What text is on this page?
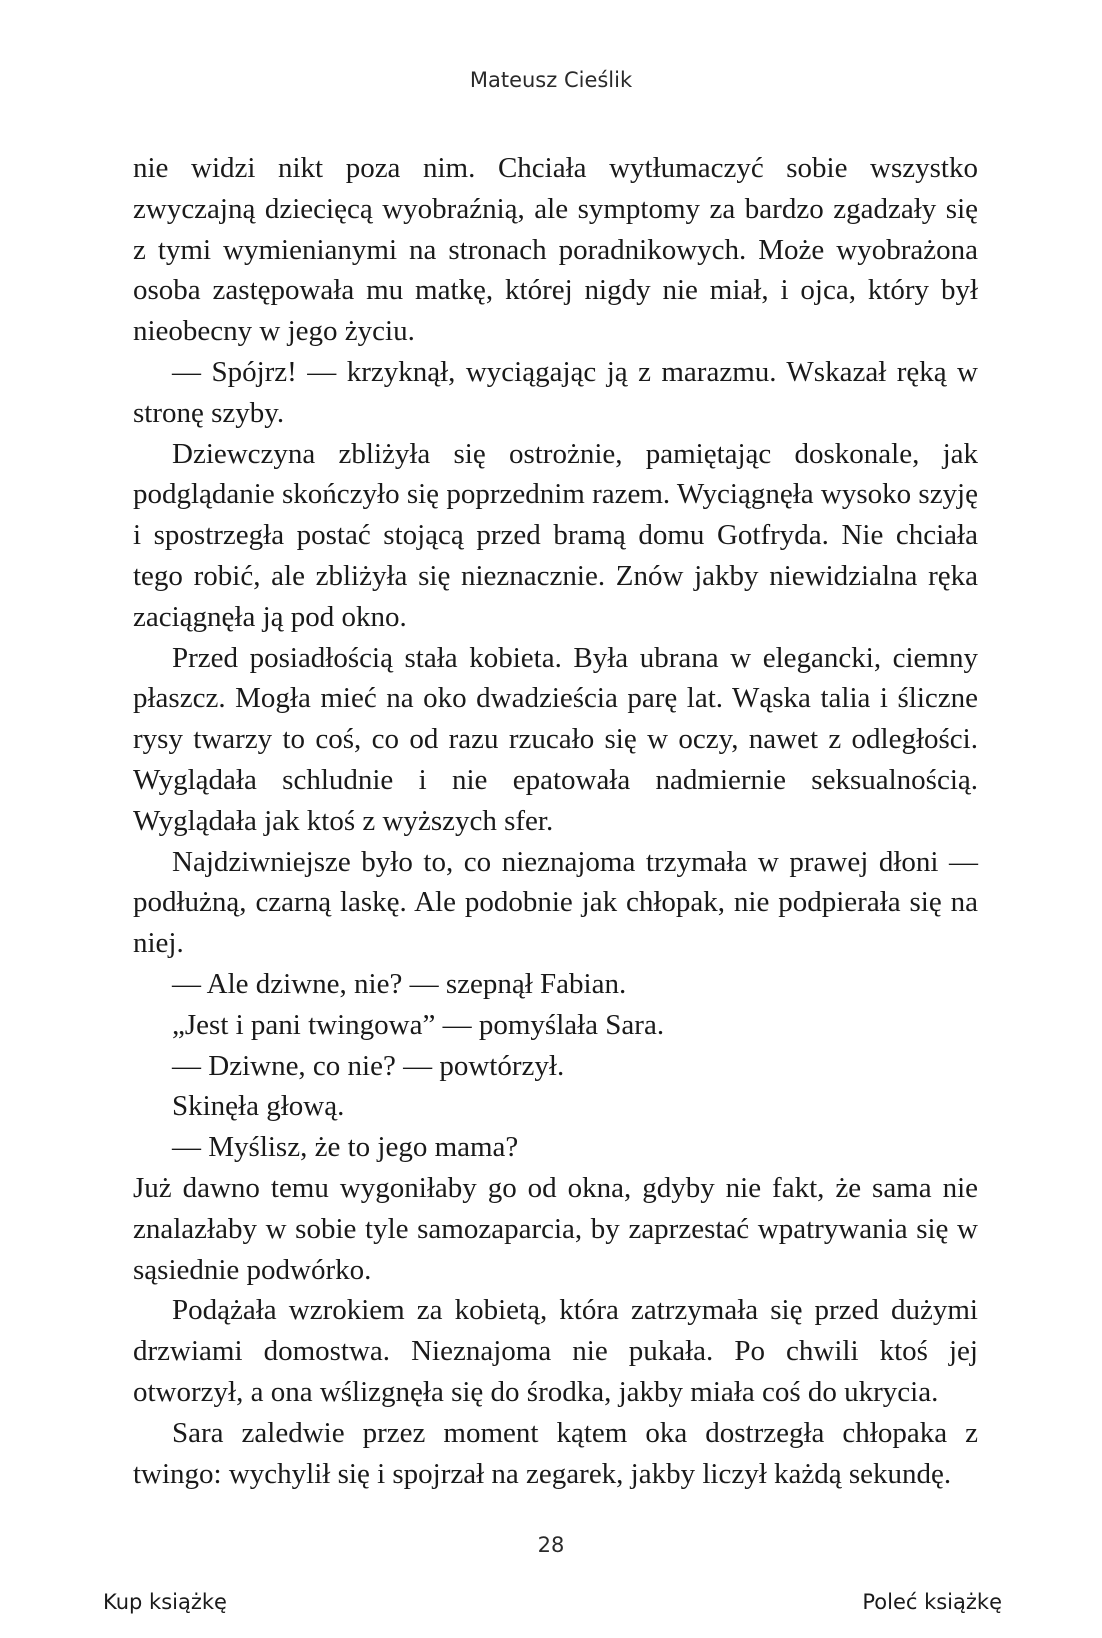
Mateusz Cieślik

nie widzi nikt poza nim. Chciała wytłumaczyć sobie wszystko zwyczajną dziecięcą wyobraźnią, ale symptomy za bardzo zgadzały się z tymi wymienianymi na stronach poradnikowych. Może wyobrażona osoba zastępowała mu matkę, której nigdy nie miał, i ojca, który był nieobecny w jego życiu.

— Spójrz! — krzyknął, wyciągając ją z marazmu. Wskazał ręką w stronę szyby.

Dziewczyna zbliżyła się ostrożnie, pamiętając doskonale, jak podglądanie skończyło się poprzednim razem. Wyciągnęła wysoko szyję i spostrzegła postać stojącą przed bramą domu Gotfryda. Nie chciała tego robić, ale zbliżyła się nieznacznie. Znów jakby niewidzialna ręka zaciągnęła ją pod okno.

Przed posiadłością stała kobieta. Była ubrana w elegancki, ciemny płaszcz. Mogła mieć na oko dwadzieścia parę lat. Wąska talia i śliczne rysy twarzy to coś, co od razu rzucało się w oczy, nawet z odległości. Wyglądała schludnie i nie epatowała nadmiernie seksualnością. Wyglądała jak ktoś z wyższych sfer.

Najdziwniejsze było to, co nieznajoma trzymała w prawej dłoni — podłużną, czarną laskę. Ale podobnie jak chłopak, nie podpierała się na niej.

— Ale dziwne, nie? — szepnął Fabian.

„Jest i pani twingowa” — pomyślała Sara.

— Dziwne, co nie? — powtórzył.

Skinęła głową.

— Myślisz, że to jego mama?

Już dawno temu wygoniłaby go od okna, gdyby nie fakt, że sama nie znalazłaby w sobie tyle samozaparcia, by zaprzestać wpatrywania się w sąsiednie podwórko.

Podążała wzrokiem za kobietą, która zatrzymała się przed dużymi drzwiami domostwa. Nieznajoma nie pukała. Po chwili ktoś jej otworzył, a ona wślizgnęła się do środka, jakby miała coś do ukrycia.

Sara zaledwie przez moment kątem oka dostrzegła chłopaka z twingo: wychylił się i spojrzał na zegarek, jakby liczył każdą sekundę.

28
Kup książkę	Poleć książkę
